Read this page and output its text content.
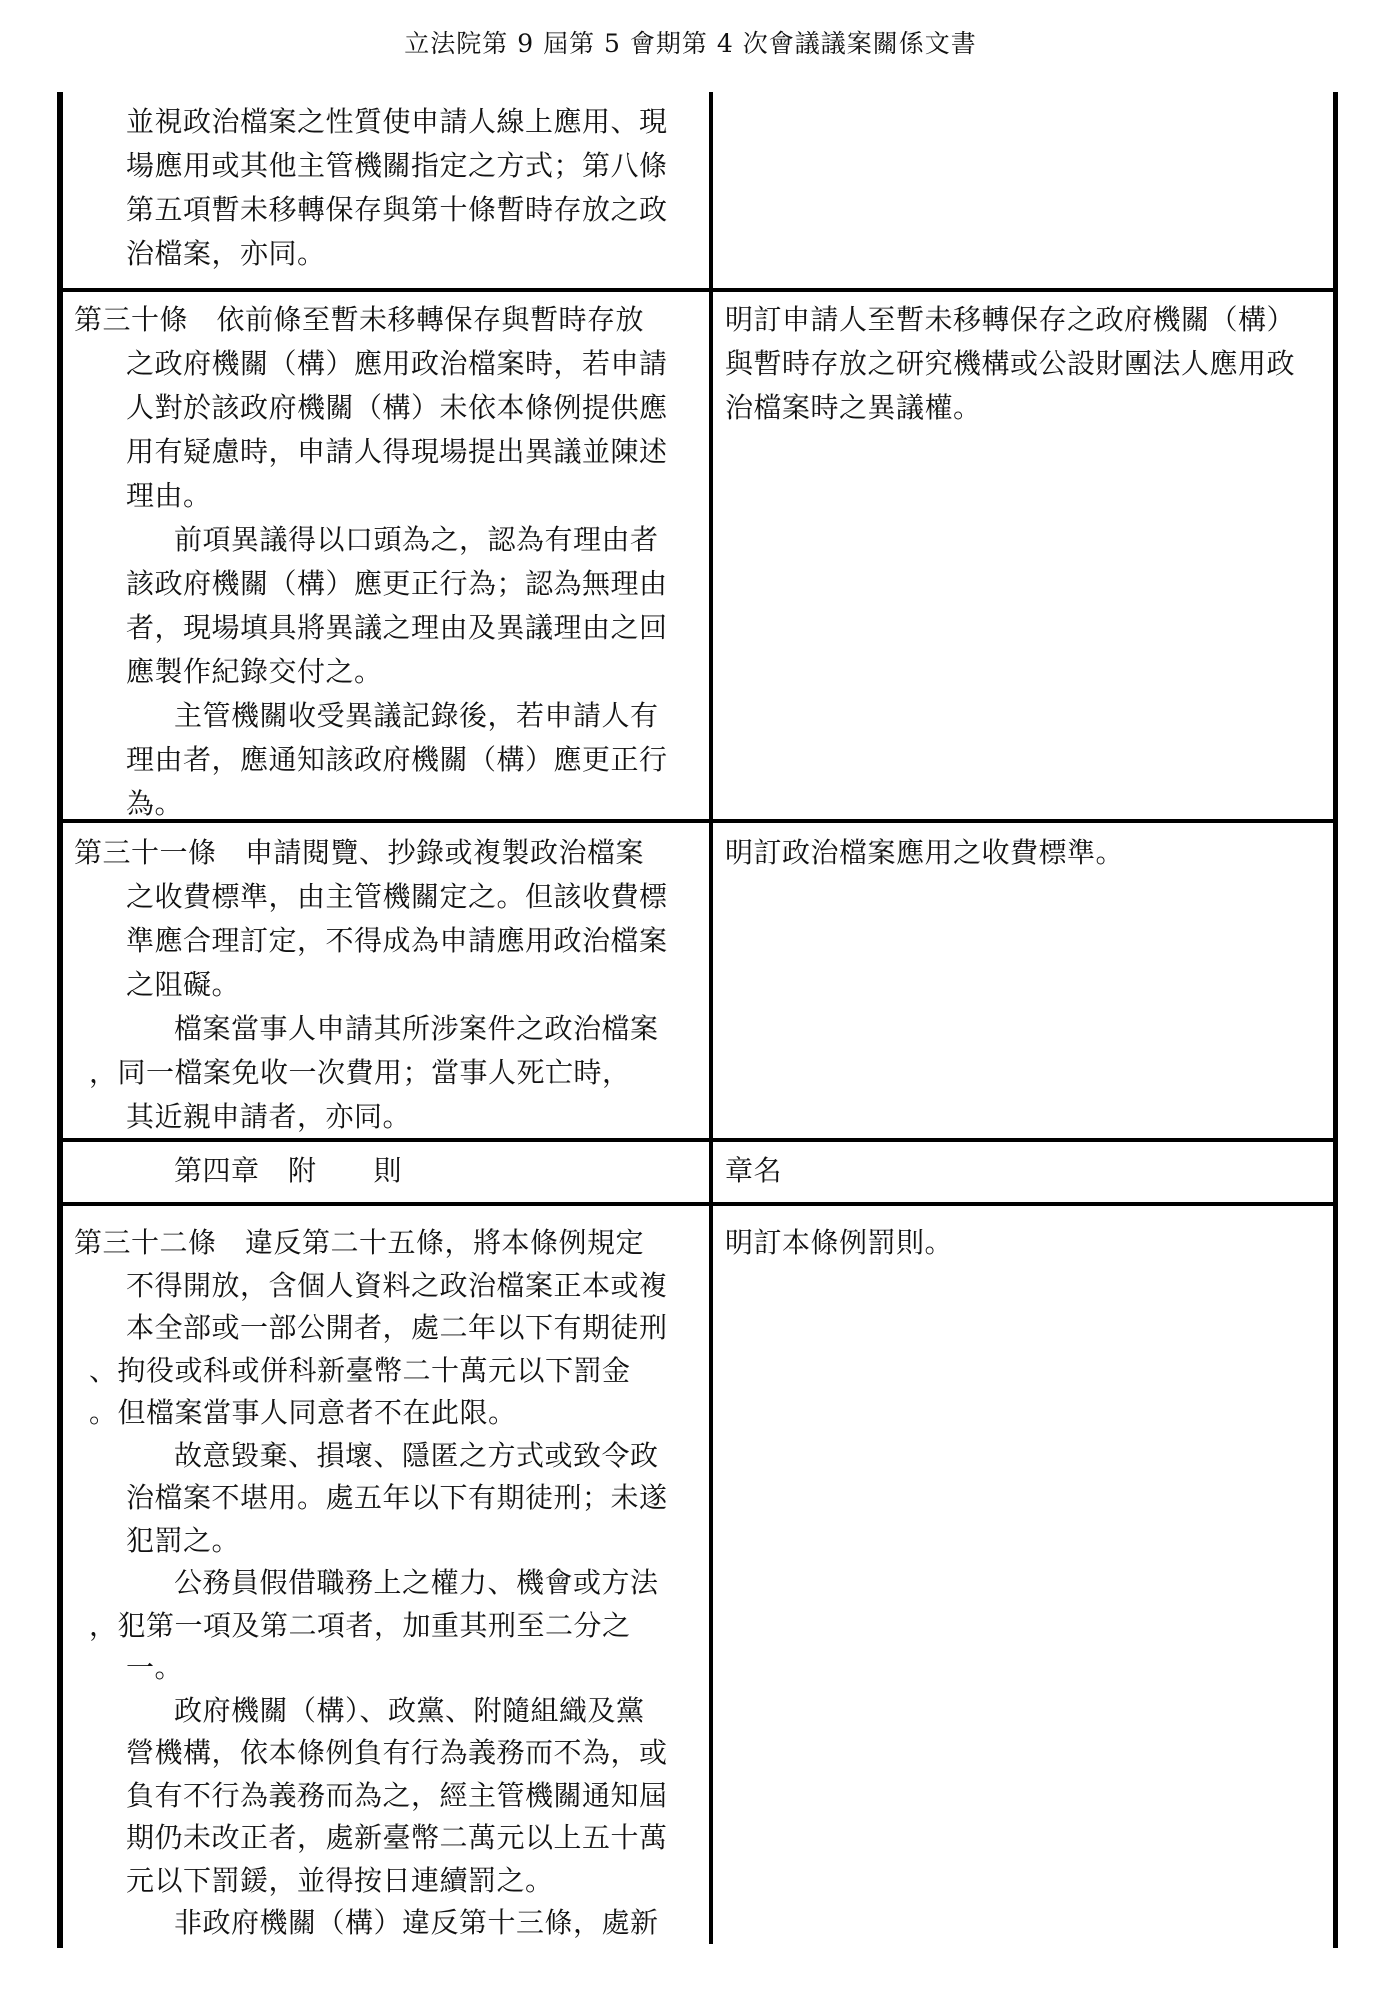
立法院第 9 屆第 5 會期第 4 次會議議案關係文書
並視政治檔案之性質使申請人線上應用、現
場應用或其他主管機關指定之方式；第八條
第五項暫未移轉保存與第十條暫時存放之政
治檔案，亦同。
第三十條　依前條至暫未移轉保存與暫時存放
之政府機關（構）應用政治檔案時，若申請
人對於該政府機關（構）未依本條例提供應
用有疑慮時，申請人得現場提出異議並陳述
理由。
前項異議得以口頭為之，認為有理由者
該政府機關（構）應更正行為；認為無理由
者，現場填具將異議之理由及異議理由之回
應製作紀錄交付之。
主管機關收受異議記錄後，若申請人有
理由者，應通知該政府機關（構）應更正行
為。
明訂申請人至暫未移轉保存之政府機關（構）
與暫時存放之研究機構或公設財團法人應用政
治檔案時之異議權。
第三十一條　申請閱覽、抄錄或複製政治檔案
之收費標準，由主管機關定之。但該收費標
準應合理訂定，不得成為申請應用政治檔案
之阻礙。
檔案當事人申請其所涉案件之政治檔案
，同一檔案免收一次費用；當事人死亡時，
其近親申請者，亦同。
明訂政治檔案應用之收費標準。
第四章　附　　則	章名
第三十二條　違反第二十五條，將本條例規定
不得開放，含個人資料之政治檔案正本或複
本全部或一部公開者，處二年以下有期徒刑
、拘役或科或併科新臺幣二十萬元以下罰金
。但檔案當事人同意者不在此限。
故意毀棄、損壞、隱匿之方式或致令政
治檔案不堪用。處五年以下有期徒刑；未遂
犯罰之。
公務員假借職務上之權力、機會或方法
，犯第一項及第二項者，加重其刑至二分之
一。
政府機關（構）、政黨、附隨組織及黨
營機構，依本條例負有行為義務而不為，或
負有不行為義務而為之，經主管機關通知屆
期仍未改正者，處新臺幣二萬元以上五十萬
元以下罰鍰，並得按日連續罰之。
非政府機關（構）違反第十三條，處新
明訂本條例罰則。
